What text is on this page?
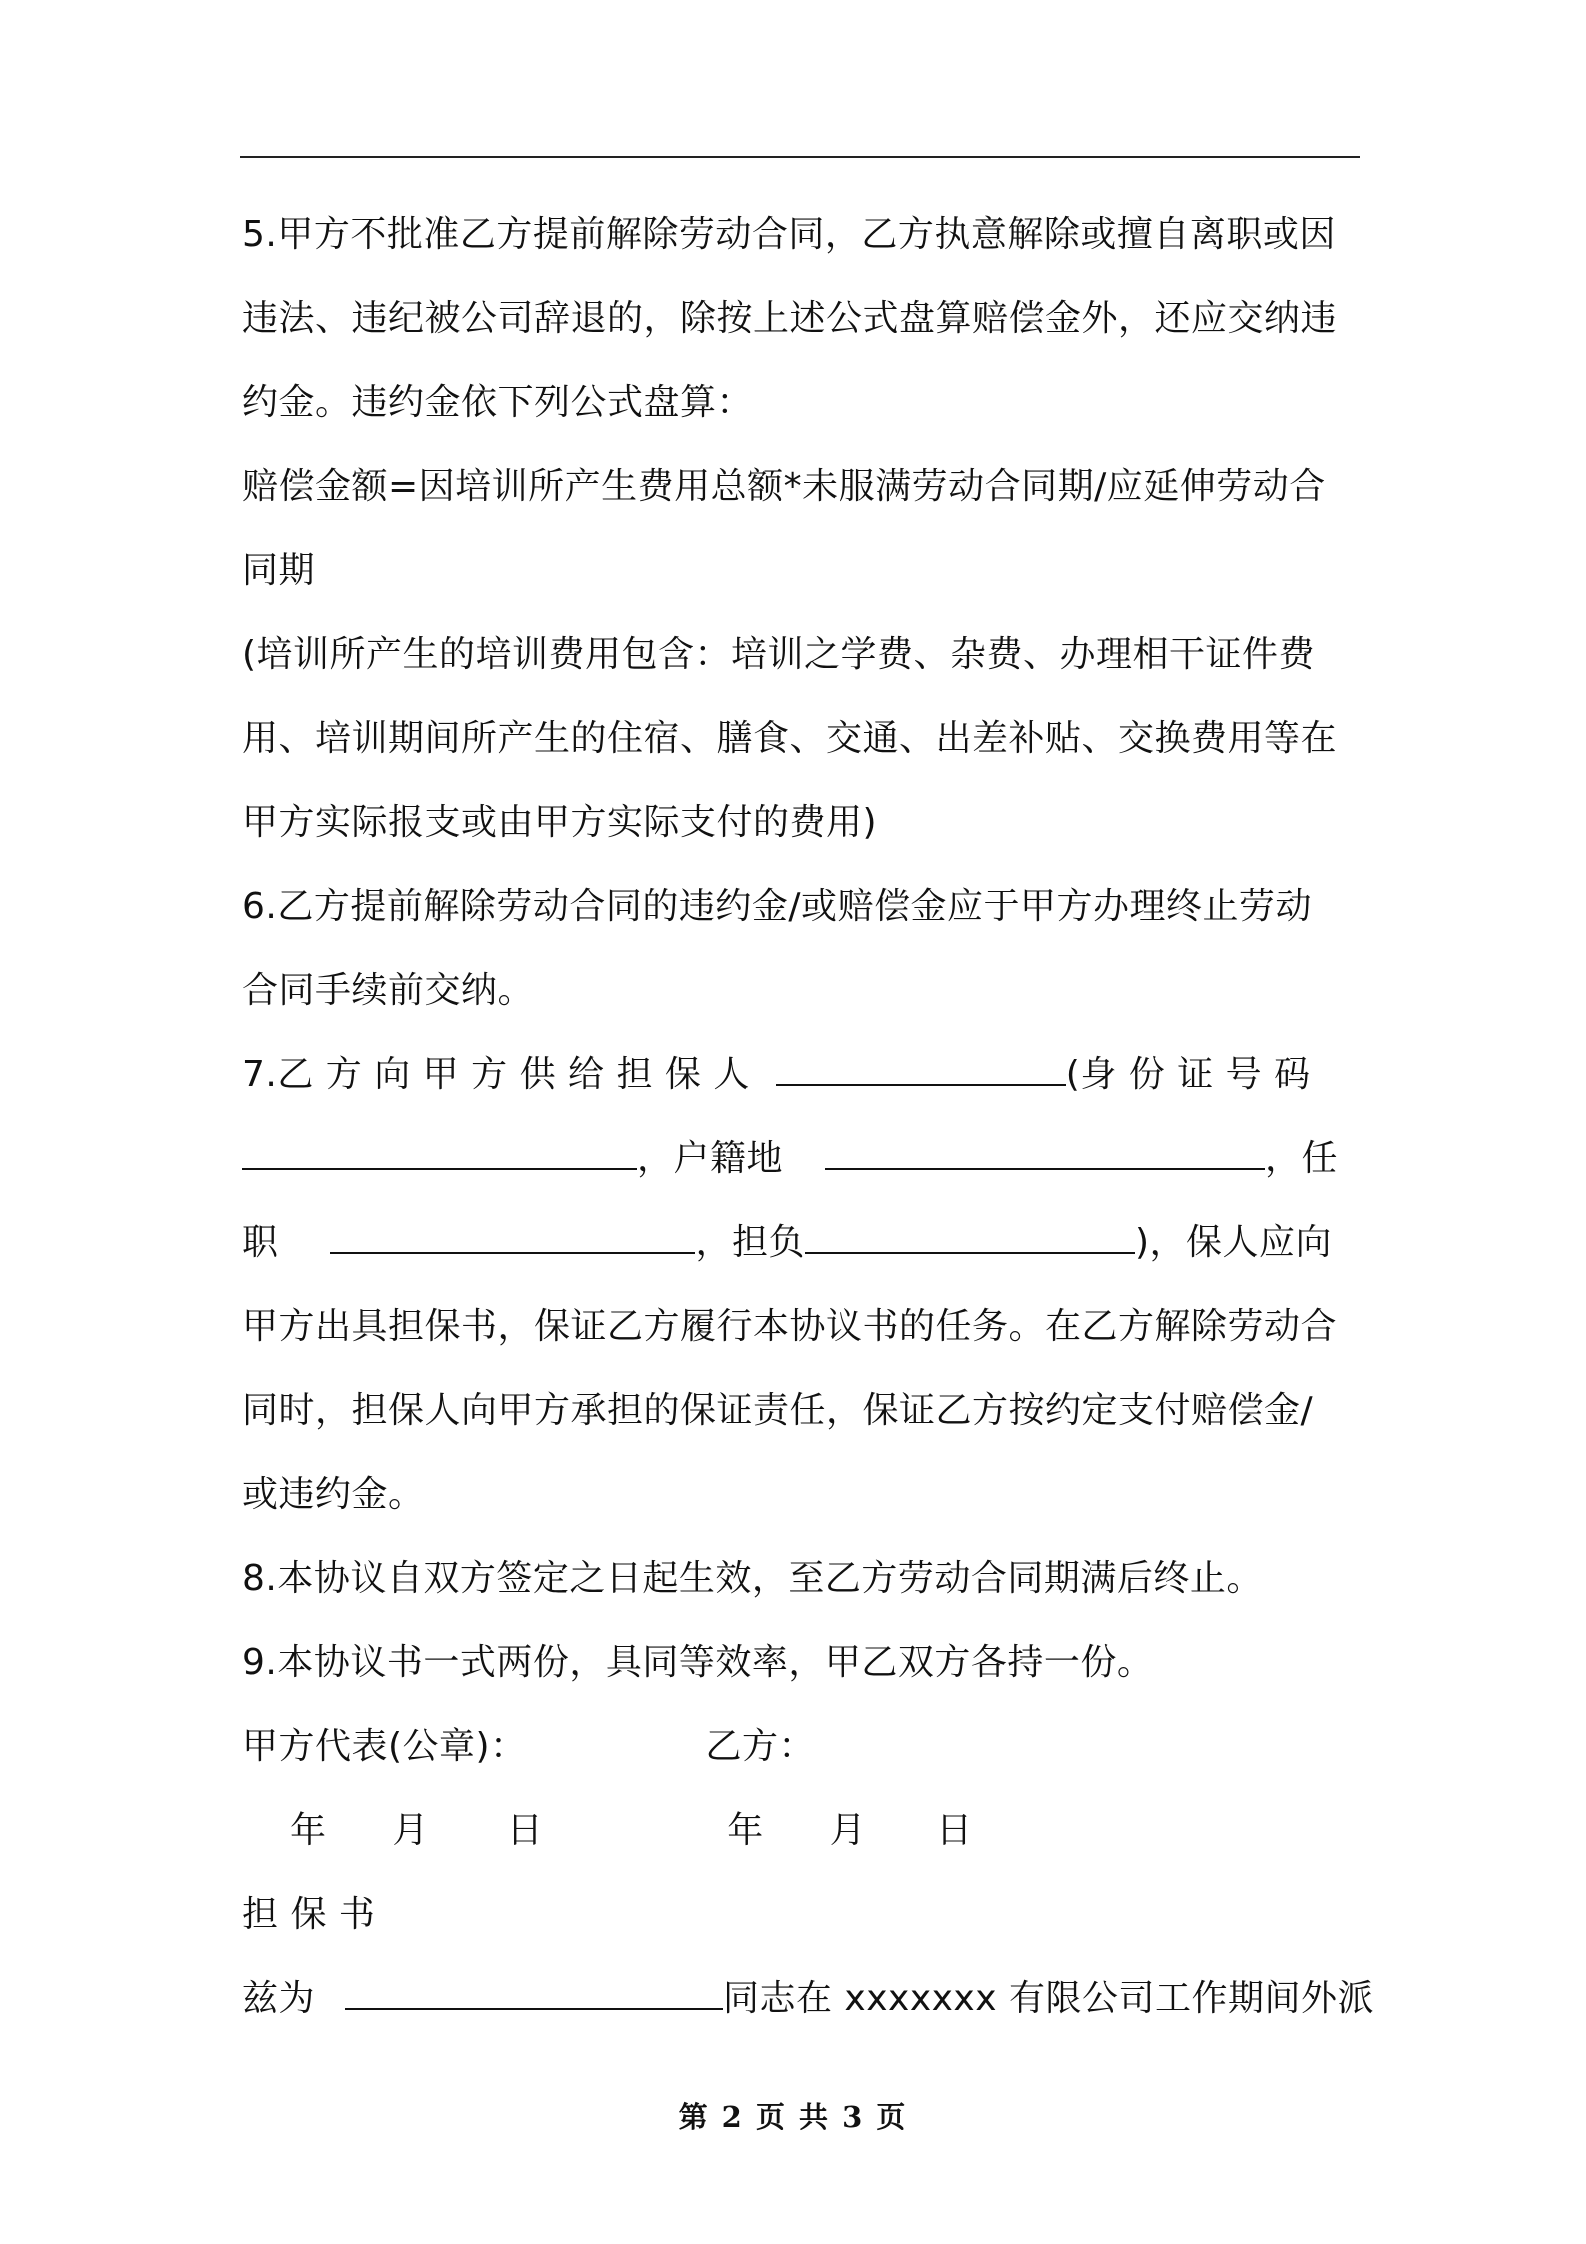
5.甲方不批准乙方提前解除劳动合同，乙方执意解除或擅自离职或因
违法、违纪被公司辞退的，除按上述公式盘算赔偿金外，还应交纳违
约金。违约金依下列公式盘算：
赔偿金额=因培训所产生费用总额*未服满劳动合同期/应延伸劳动合
同期
(培训所产生的培训费用包含：培训之学费、杂费、办理相干证件费
用、培训期间所产生的住宿、膳食、交通、出差补贴、交换费用等在
甲方实际报支或由甲方实际支付的费用)
6.乙方提前解除劳动合同的违约金/或赔偿金应于甲方办理终止劳动
合同手续前交纳。
7.乙 方 向 甲 方 供 给 担 保 人	(身 份 证 号 码
，户籍地	，任
职	，担负	)，保人应向
甲方出具担保书，保证乙方履行本协议书的任务。在乙方解除劳动合
同时，担保人向甲方承担的保证责任，保证乙方按约定支付赔偿金/
或违约金。
8.本协议自双方签定之日起生效，至乙方劳动合同期满后终止。
9.本协议书一式两份，具同等效率，甲乙双方各持一份。
甲方代表(公章)：	乙方：
年 月 日	年 月 日
担 保 书
兹为	同志在 xxxxxxx 有限公司工作期间外派
第 2 页 共 3 页
